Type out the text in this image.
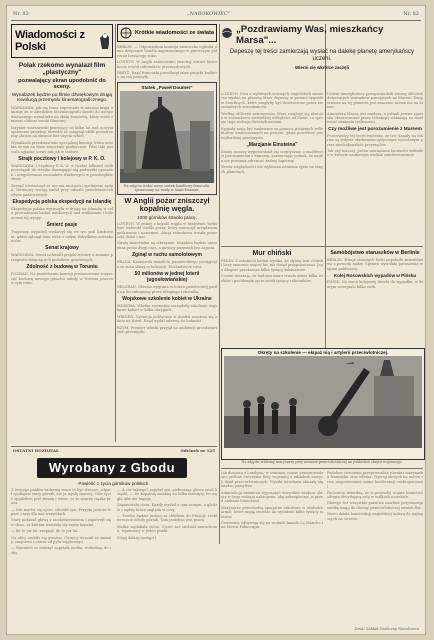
Nr. 82	„NAROKOWIEC"	Nr. 82
Wiadomości z Polski
Polak rzekomo wynalazł film „plastyczny"
pozwalający ekran upodobnić do sceny.
Wynalazek będzie po filmie dźwiękowym drugą rewolucją przemysłu kinematograficznego.

WARSZAWA, jak się teraz zapowiada w naszym kraju okazuje że w dziedzinie kinematografii doszło do niespodziewanego wynalazku na skalę światową, który może zmienić oblicze sztuki filmowej.

Inżynier warszawski pracujący od kilku lat nad nowym systemem projekcji twierdzi że osiągnął efekt przestrzenny obrazu na ekranie bez użycia szkieł.

Wynalazek przedstawiono specjalnej komisji, która orzekła że ma on duże znaczenie praktyczne. Film taki pozwala oglądać sceny tak jak w teatrze.

Strajk pocztowy i kolejowy w P. K. O.

WARSZAWA. Urzędnicy P. K. O. w liczbie kilkuset osób przystąpili do strajku domagając się podwyżki uposażeń i uregulowania stosunków służbowych w przedsiębiorstwie.

Zarząd oświadczył że nie ma możności spełnienia żądań. Rozmowy trwają nadal przy udziale przedstawicieli władz państwowych.

Ekspedycja polska ekspedycji na Islandię

Ekspedycja polska wyruszyła w drogę na Islandię w celu prowadzenia badań naukowych nad wulkanami i lodowcami tej wyspy.

Śmierć pasje

Tragiczny wypadek wydarzył się we wsi pod Krakowem, gdzie spłonął dom wraz z całym dobytkiem mieszkańców.

Senat krajowy

WARSZAWA. Senat uchwalił projekt ustawy o zmianie przepisów dotyczących podatków gruntowych.

Zdolność z budową w Toruniu

POZNAŃ. Na posiedzeniu komisji postanowiono rozpocząć budowę nowego gmachu szkoły w Toruniu jeszcze w tym roku.

Krótkie wiadomości ze świata

BERLIN. — Odpowiednia komisja niemiecka ogłosiła dane dotyczące handlu zagranicznego w pierwszym półroczu bieżącego roku.

LONDYN. W Anglii zanotowano znaczny wzrost bezrobocia wśród robotników przemysłowych.

PARYŻ. Rząd francuski przedłożył izbie projekt budżetu na rok przyszły.

Statek „Paweł Doumer"
Na zdjęciu widać nowy statek handlowy francuski, spuszczony na wodę w Saint-Nazaire.
W Anglii pożar zniszczył kopalnię węgla.
1000 górników straciło pracę.

LONDYN. W jednej z kopalń węgla w hrabstwie Yorkshire wybuchł wielki pożar, który zniszczył urządzenia podziemne i naziemne. Akcja ratunkowa trwała przez cały dzień i noc.

Straty materialne są olbrzymie. Kopalnia będzie nieczynna przez długi czas, a górnicy pozostali bez zajęcia.

Zginął w ruchu samolotowym

PRAGA. Katastrofa samolotu pasażerskiego pociągnęła za sobą ofiary w ludziach. Dochodzenie trwa.

50 milionów w jednej loterii jugosłowiańskiej

BELGRAD. Główna wygrana w loterii państwowej padła na los zakupiony przez ubogiego robotnika.

Wojskowe szkolenie kobiet w Ukraine

MOSKWA. Władze sowieckie zarządziły szkolenie wojskowe kobiet w kilku okręgach.

WIEDEŃ. Sytuacja polityczna w Austrii zaostrza się z dnia na dzień. Rząd wydał odezwę do ludności.

RZYM. Premier włoski przyjął na audiencji przedstawicieli przemysłu.

„Pozdrawiamy Was, mieszkańcy Marsa"...
Depeszę tej treści zamierzają wysłać na dalekę planetę amerykańscy uczeni.
Wierni się wkrótce zaczęli

LONDYN. Dwu z wybitnych uczonych angielskich zamierza wysłać na planetę Mars depeszę w postaci sygnałów świetlnych, które mogłyby być dostrzeżone przez ewentualnych mieszkańców.

Według obliczeń astronomów, Mars znajduje się obecnie w stosunkowo niewielkiej odległości od Ziemi, co sprzyja tego rodzaju doświadczeniom.

Sygnały mają być nadawane za pomocą potężnych reflektorów umieszczonych na pustyni, gdzie powietrze jest najbardziej przejrzyste.

„Marzjanie Einsteina"

Znany uczony wypowiedział się sceptycznie o możliwości porozumienia z Marsem, zaznaczając jednak, że nauka nie powinna odrzucać żadnej hipotezy.

Teoria względności nie wyklucza istnienia życia na innych planetach.

Uczeni amerykańscy przeprowadzili szereg obliczeń dotyczących warunków panujących na Marsie. Temperatura na tej planecie jest znacznie niższa niż na Ziemi.

Atmosfera Marsa jest rzadsza, a jednak pewne zjawiska obserwowane przez teleskopy wskazują na możliwość istnienia roślinności.

Czy możliwe jest porozumienie z Marsem

Przeciwnicy tej teorii twierdzą, że tzw. kanały na Marsie są jedynie złudzeniem optycznym wywołanym przez niedoskonałość przyrządów.

Tak czy inaczej, próba nawiązania łączności wzbudza w świecie naukowym wielkie zainteresowanie.

Mur chiński

PEKIN. Z ostatnich badań wynika, że słynny mur chiński liczy znacznie więcej lat, niż dotąd przypuszczano. Jego długość przekracza kilka tysięcy kilometrów.

Uczeni uważają, że budowa muru trwała przez kilka wieków i pochłonęła życie setek tysięcy robotników.

Samobójstwo staruszków w Berlinie

BERLIN. Dwoje starszych ludzi popełniło samobójstwo z powodu nędzy. Sprawa wywołała poruszenie w opinii publicznej.

Kolej Rosowskich wypadów w Pińsku

PIŃSK. Na stacji kolejowej doszło do wypadku, w którym ucierpiało kilka osób.

Okręty na szkolenie — ekipaż nią i artylerii przeciwlotniczej.
Na zdjęciu widzimy marynarzy przy armacie przeciwlotniczej na pokładzie okrętu wojennego.
OSTATNI ROZDZIAŁ	Odcinek nr 125
Wyrobany z Gbodu
Powieść z życia górników polskich.

Z twojego punktu widzenia może to być słuszne, odparł spokojnie stary górnik, ale ja myślę inaczej. Całe życie spędziłem pod ziemią i wiem, co to znaczy ciężka praca.

— Nie martw się ojcze, odrzekł syn. Przyjdą jeszcze lepsze czasy dla nas wszystkich.

Stary pokiwał głową z niedowierzaniem i zapatrzył się w okno, za którym wznosiły się szyby kopalni.

— Ile to już lat, szepnął, ile to już lat...

Na ulicy zrobiło się gwarno. Górnicy wracali ze zmiany, zmęczeni i czarni od pyłu węglowego.

— Słyszałeś co mówią? zapytała matka, wchodząc do izby.

— A cóż takiego? zapytał syn, podnosząc głowę znad książki. — Że kopalnię zamkną na kilka miesięcy, bo węgla nikt nie kupuje.

Zapanowała cisza. Każdy myślał o tym samym, o głodzie i nędzy, która zagląda w oczy.

— Trzeba będzie jechać za chlebem do Francji, rzekł wreszcie młody górnik. Tam podobno jest praca.

Matka zapłakała cicho. Ojciec zaś siedział nieruchomo, wpatrzony w jeden punkt.

(Ciąg dalszy nastąpi.)

Jak donoszą z Londynu, w ostatnim czasie przeprowadzono próbne ćwiczenia floty wojennej z udziałem nowych dział przeciwlotniczych. Wyniki strzelania okazały się bardzo pomyślne.

Admiralicja zamierza wyposażyć wszystkie większe okręty w tego rodzaju uzbrojenie, aby zabezpieczyć je przed atakami lotniczymi.

Marynarze przechodzą specjalne szkolenie w obsłudze armat, które mogą strzelać na wysokość kilku tysięcy metrów.

Ćwiczenia odbywają się na wodach kanału La Manche i na Morzu Północnym.

Podobne ćwiczenia przeprowadza również marynarka francuska oraz włoska. Wyścig zbrojeń na morzu trwa nieprzerwanie mimo konferencji rozbrojeniowej.

Fachowcy twierdzą, że w przyszłej wojnie lotnictwo odegra decydującą rolę w walkach morskich.

Dlatego też wszystkie państwa morskie przywiązują wielką wagę do obrony przeciwlotniczej swoich flot.

Nowe działa konstrukcji angielskiej należą do najlepszych na świecie.

Druk: Zakład Graficzny Narodowca
